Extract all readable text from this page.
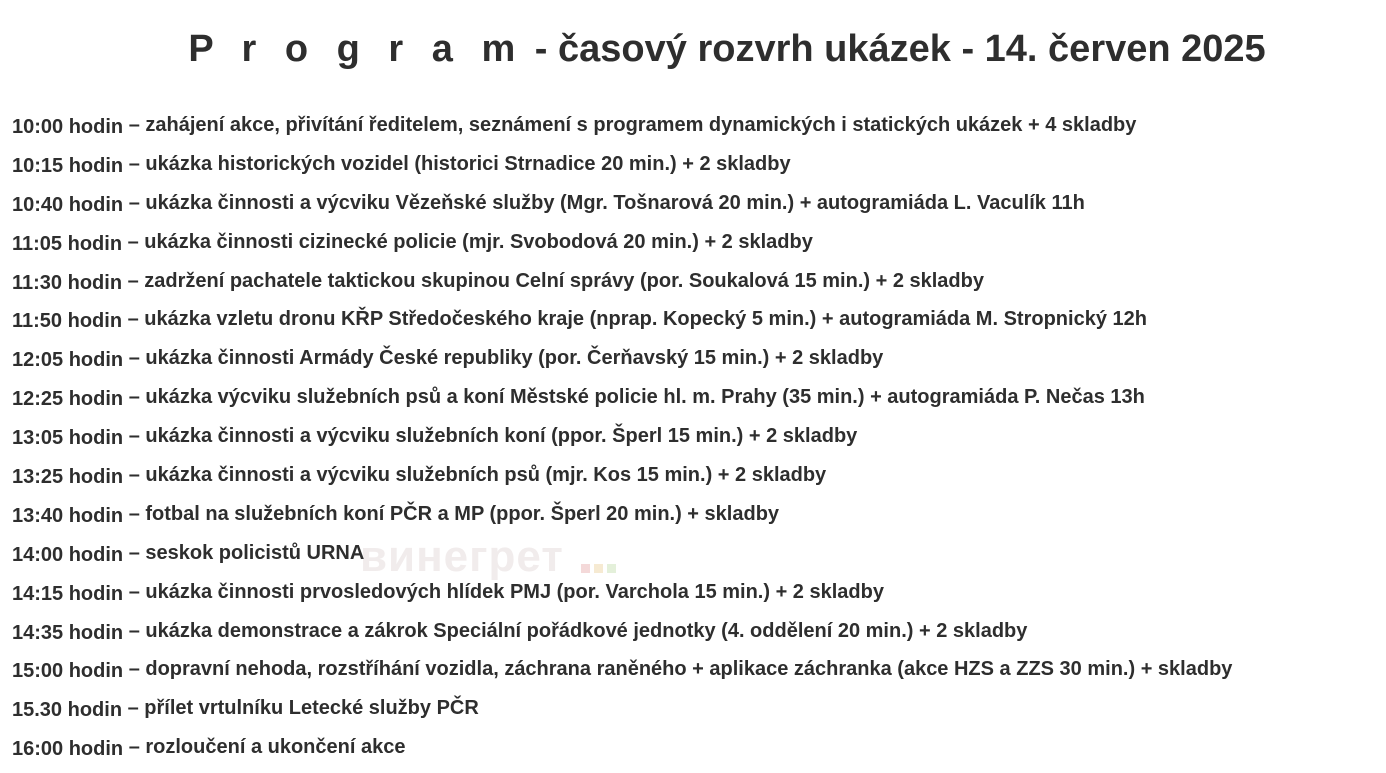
P r o g r a m - časový rozvrh ukázek - 14. červen 2025
винегрет
10:00 hodin – zahájení akce, přivítání ředitelem, seznámení s programem dynamických i statických ukázek + 4 skladby
10:15 hodin – ukázka historických vozidel (historici Strnadice 20 min.) + 2 skladby
10:40 hodin – ukázka činnosti a výcviku Vězeňské služby (Mgr. Tošnarová 20 min.) + autogramiáda L. Vaculík 11h
11:05 hodin – ukázka činnosti cizinecké policie (mjr. Svobodová 20 min.) + 2 skladby
11:30 hodin – zadržení pachatele taktickou skupinou Celní správy (por. Soukalová 15 min.) + 2 skladby
11:50 hodin – ukázka vzletu dronu KŘP Středočeského kraje (nprap. Kopecký 5 min.) + autogramiáda M. Stropnický 12h
12:05 hodin – ukázka činnosti Armády České republiky (por. Čerňavský 15 min.) + 2 skladby
12:25 hodin – ukázka výcviku služebních psů a koní Městské policie hl. m. Prahy (35 min.) + autogramiáda P. Nečas 13h
13:05 hodin – ukázka činnosti a výcviku služebních koní (ppor. Šperl 15 min.) + 2 skladby
13:25 hodin – ukázka činnosti a výcviku služebních psů (mjr. Kos 15 min.) + 2 skladby
13:40 hodin – fotbal na služebních koní PČR a MP (ppor. Šperl 20 min.) + skladby
14:00 hodin – seskok policistů URNA
14:15 hodin – ukázka činnosti prvosledových hlídek PMJ (por. Varchola 15 min.) + 2 skladby
14:35 hodin – ukázka demonstrace a zákrok Speciální pořádkové jednotky (4. oddělení 20 min.) + 2 skladby
15:00 hodin – dopravní nehoda, rozstříhání vozidla, záchrana raněného + aplikace záchranka (akce HZS a ZZS 30 min.) + skladby
15.30 hodin – přílet vrtulníku Letecké služby PČR
16:00 hodin – rozloučení a ukončení akce
